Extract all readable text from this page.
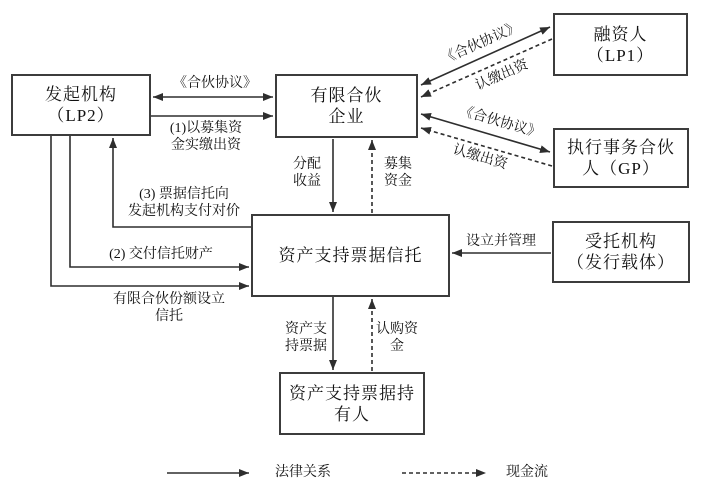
发起机构
（LP2）
有限合伙
企业
融资人
（LP1）
执行事务合伙
人（GP）
资产支持票据信托
受托机构
（发行载体）
资产支持票据持
有人
《合伙协议》
(1)以募集资
金实缴出资
《合伙协议》
认缴出资
《合伙协议》
认缴出资
分配
收益
募集
资金
(3) 票据信托向
发起机构支付对价
(2) 交付信托财产
有限合伙份额设立
信托
设立并管理
资产支
持票据
认购资
金
法律关系	现金流
